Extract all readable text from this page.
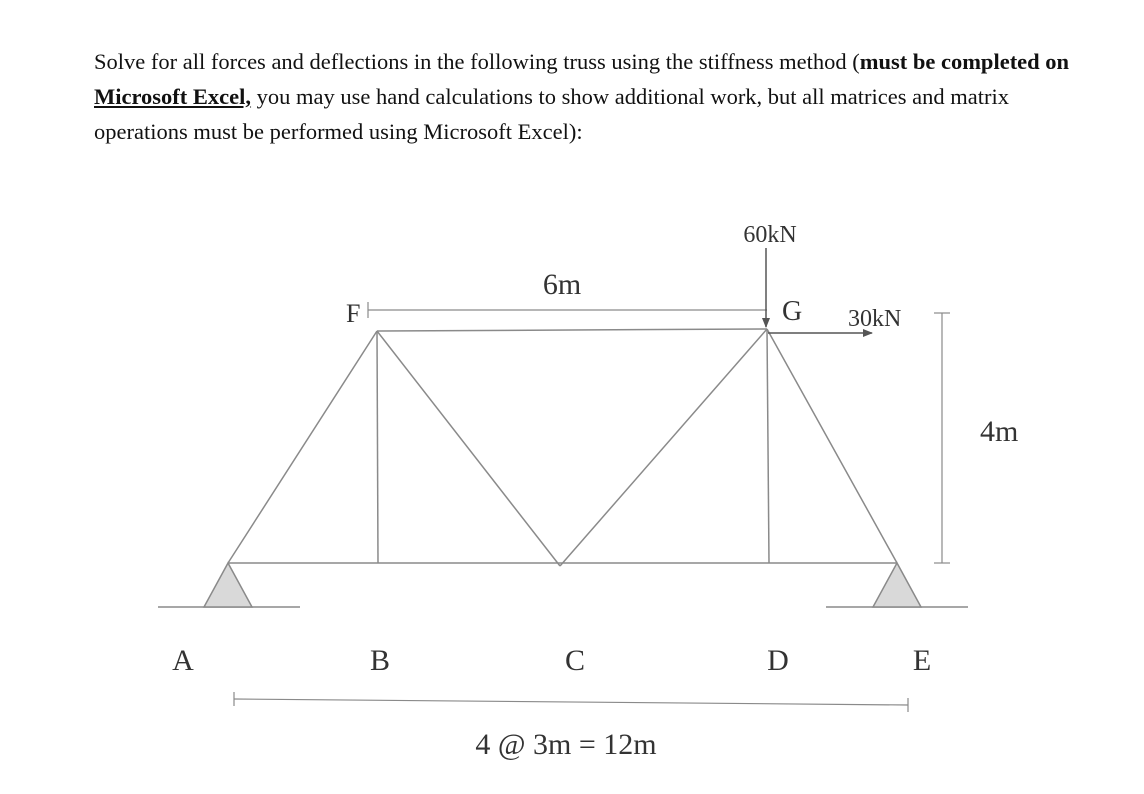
Solve for all forces and deflections in the following truss using the stiffness method (must be completed on Microsoft Excel, you may use hand calculations to show additional work, but all matrices and matrix operations must be performed using Microsoft Excel):
6m
F	G
60kN
30kN
4m
A	B	C	D	E
4 @ 3m = 12m
